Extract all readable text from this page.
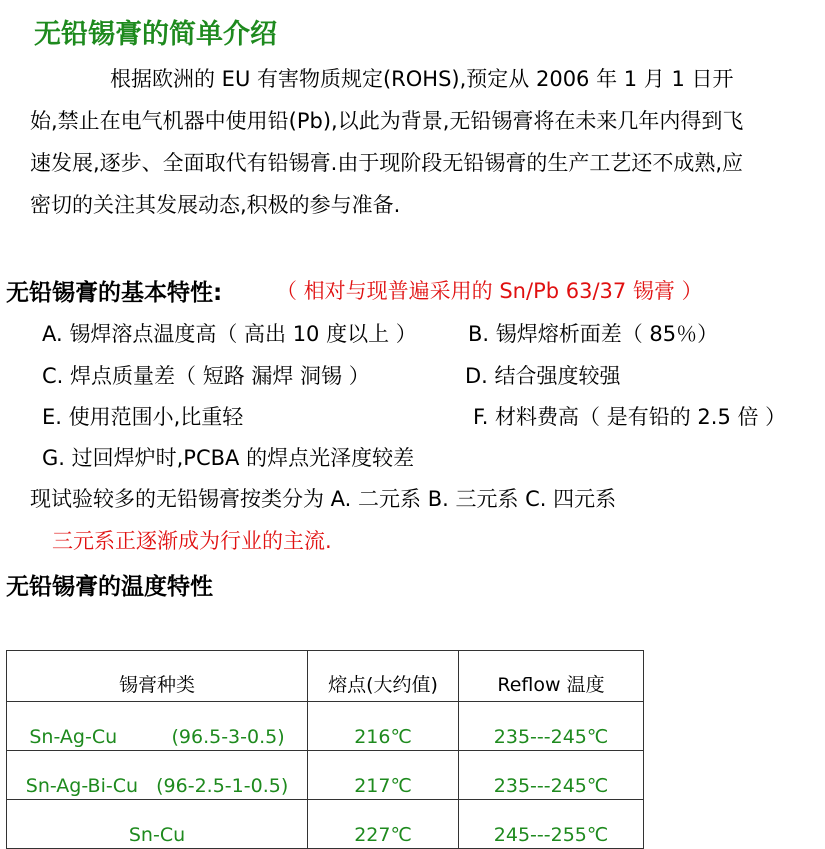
无铅锡膏的简单介绍
根据欧洲的 EU 有害物质规定(ROHS),预定从 2006 年 1 月 1 日开
始,禁止在电气机器中使用铅(Pb),以此为背景,无铅锡膏将在未来几年内得到飞
速发展,逐步、全面取代有铅锡膏.由于现阶段无铅锡膏的生产工艺还不成熟,应
密切的关注其发展动态,积极的参与准备.
无铅锡膏的基本特性:	（ 相对与现普遍采用的 Sn/Pb 63/37 锡膏 ）
A. 锡焊溶点温度高（ 高出 10 度以上 ） B. 锡焊熔析面差（ 85％）
C. 焊点质量差（ 短路 漏焊 洞锡 ）	D. 结合强度较强
E. 使用范围小,比重轻	F. 材料费高（ 是有铅的 2.5 倍 ）
G. 过回焊炉时,PCBA 的焊点光泽度较差
现试验较多的无铅锡膏按类分为 A. 二元系 B. 三元系 C. 四元系
三元系正逐渐成为行业的主流.
无铅锡膏的温度特性
锡膏种类	熔点(大约值)	Reflow 温度
Sn-Ag-Cu         (96.5-3-0.5)	216℃	235---245℃
Sn-Ag-Bi-Cu   (96-2.5-1-0.5)	217℃	235---245℃
Sn-Cu	227℃	245---255℃
